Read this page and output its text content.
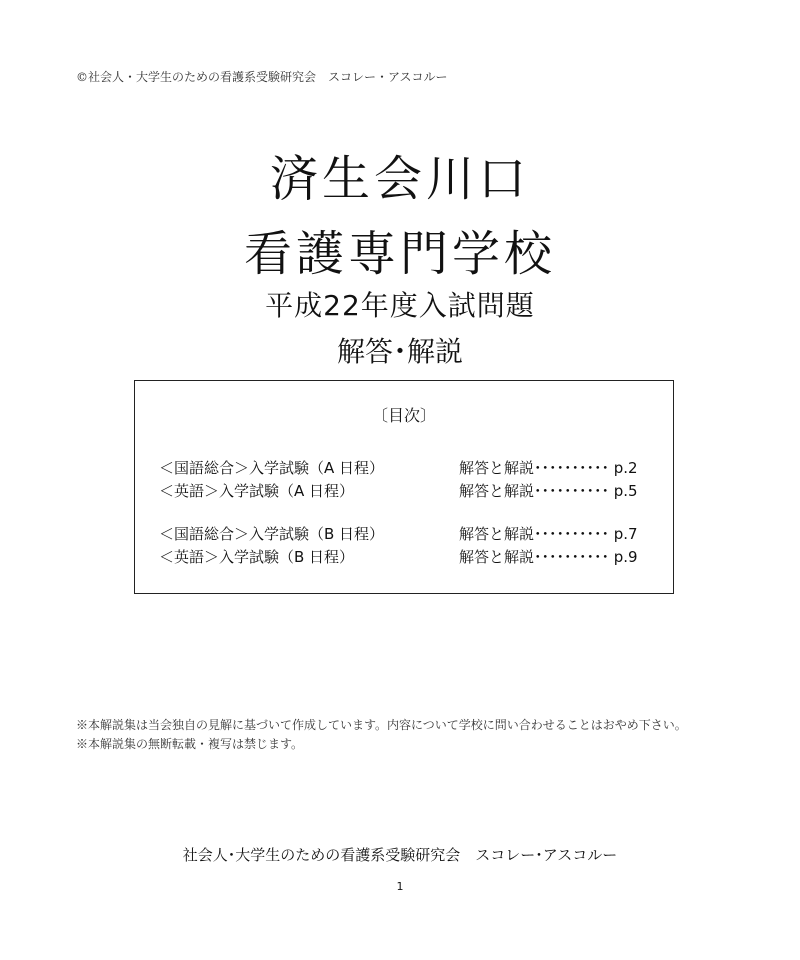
©社会人・大学生のための看護系受験研究会　スコレー・アスコルー
済生会川口
看護専門学校
平成22年度入試問題
解答･解説
〔目次〕
＜国語総合＞入学試験（A 日程）	解答と解説･･････････ p.2
＜英語＞入学試験（A 日程）	解答と解説･･････････ p.5
＜国語総合＞入学試験（B 日程）	解答と解説･･････････ p.7
＜英語＞入学試験（B 日程）	解答と解説･･････････ p.9
※本解説集は当会独自の見解に基づいて作成しています。内容について学校に問い合わせることはおやめ下さい。
※本解説集の無断転載・複写は禁じます。
社会人･大学生のための看護系受験研究会　スコレー･アスコルー
1
